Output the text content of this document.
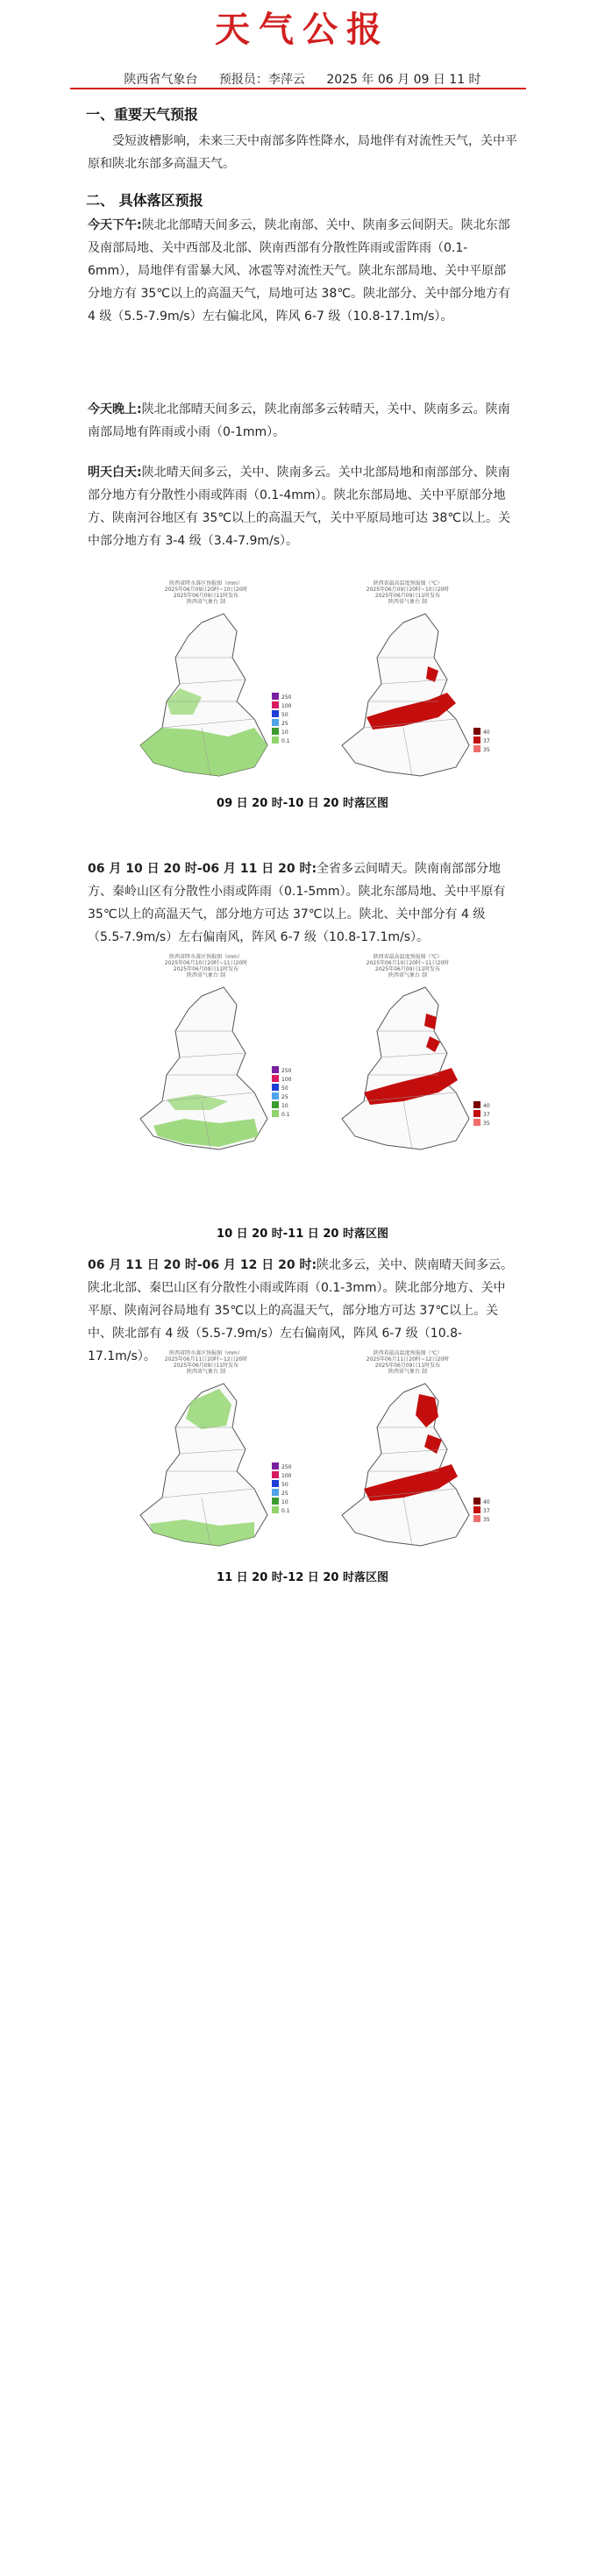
天气公报
陕西省气象台 预报员：李萍云 2025 年 06 月 09 日 11 时
一、重要天气预报
受短波槽影响，未来三天中南部多阵性降水，局地伴有对流性天气，关中平原和陕北东部多高温天气。
二、 具体落区预报
今天下午:陕北北部晴天间多云，陕北南部、关中、陕南多云间阴天。陕北东部及南部局地、关中西部及北部、陕南西部有分散性阵雨或雷阵雨（0.1-6mm），局地伴有雷暴大风、冰雹等对流性天气。陕北东部局地、关中平原部分地方有 35℃以上的高温天气，局地可达 38℃。陕北部分、关中部分地方有 4 级（5.5-7.9m/s）左右偏北风，阵风 6-7 级（10.8-17.1m/s）。
今天晚上:陕北北部晴天间多云，陕北南部多云转晴天，关中、陕南多云。陕南南部局地有阵雨或小雨（0-1mm）。
明天白天:陕北晴天间多云，关中、陕南多云。关中北部局地和南部部分、陕南部分地方有分散性小雨或阵雨（0.1-4mm）。陕北东部局地、关中平原部分地方、陕南河谷地区有 35℃以上的高温天气，关中平原局地可达 38℃以上。关中部分地方有 3-4 级（3.4-7.9m/s）。
陕西省降水落区预报图（mm）
2025年06月09日20时~10日20时
2025年06月09日11时发布
陕西省气象台 制
250
100
50
25
10
0.1
陕西省最高温度预报图（℃）
2025年06月09日20时~10日20时
2025年06月09日11时发布
陕西省气象台 制
40
37
35
09 日 20 时-10 日 20 时落区图
06 月 10 日 20 时-06 月 11 日 20 时:全省多云间晴天。陕南南部部分地方、秦岭山区有分散性小雨或阵雨（0.1-5mm）。陕北东部局地、关中平原有 35℃以上的高温天气，部分地方可达 37℃以上。陕北、关中部分有 4 级（5.5-7.9m/s）左右偏南风，阵风 6-7 级（10.8-17.1m/s）。
陕西省降水落区预报图（mm）
2025年06月10日20时~11日20时
2025年06月09日11时发布
陕西省气象台 制
250
100
50
25
10
0.1
陕西省最高温度预报图（℃）
2025年06月10日20时~11日20时
2025年06月09日11时发布
陕西省气象台 制
40
37
35
10 日 20 时-11 日 20 时落区图
06 月 11 日 20 时-06 月 12 日 20 时:陕北多云，关中、陕南晴天间多云。陕北北部、秦巴山区有分散性小雨或阵雨（0.1-3mm）。陕北部分地方、关中平原、陕南河谷局地有 35℃以上的高温天气，部分地方可达 37℃以上。关中、陕北部有 4 级（5.5-7.9m/s）左右偏南风，阵风 6-7 级（10.8-17.1m/s）。	陕西省降水落区预报图（mm）
2025年06月11日20时~12日20时
2025年06月09日11时发布
陕西省气象台 制
250
100
50
25
10
0.1
陕西省最高温度预报图（℃）
2025年06月11日20时~12日20时
2025年06月09日11时发布
陕西省气象台 制
40
37
35
11 日 20 时-12 日 20 时落区图
